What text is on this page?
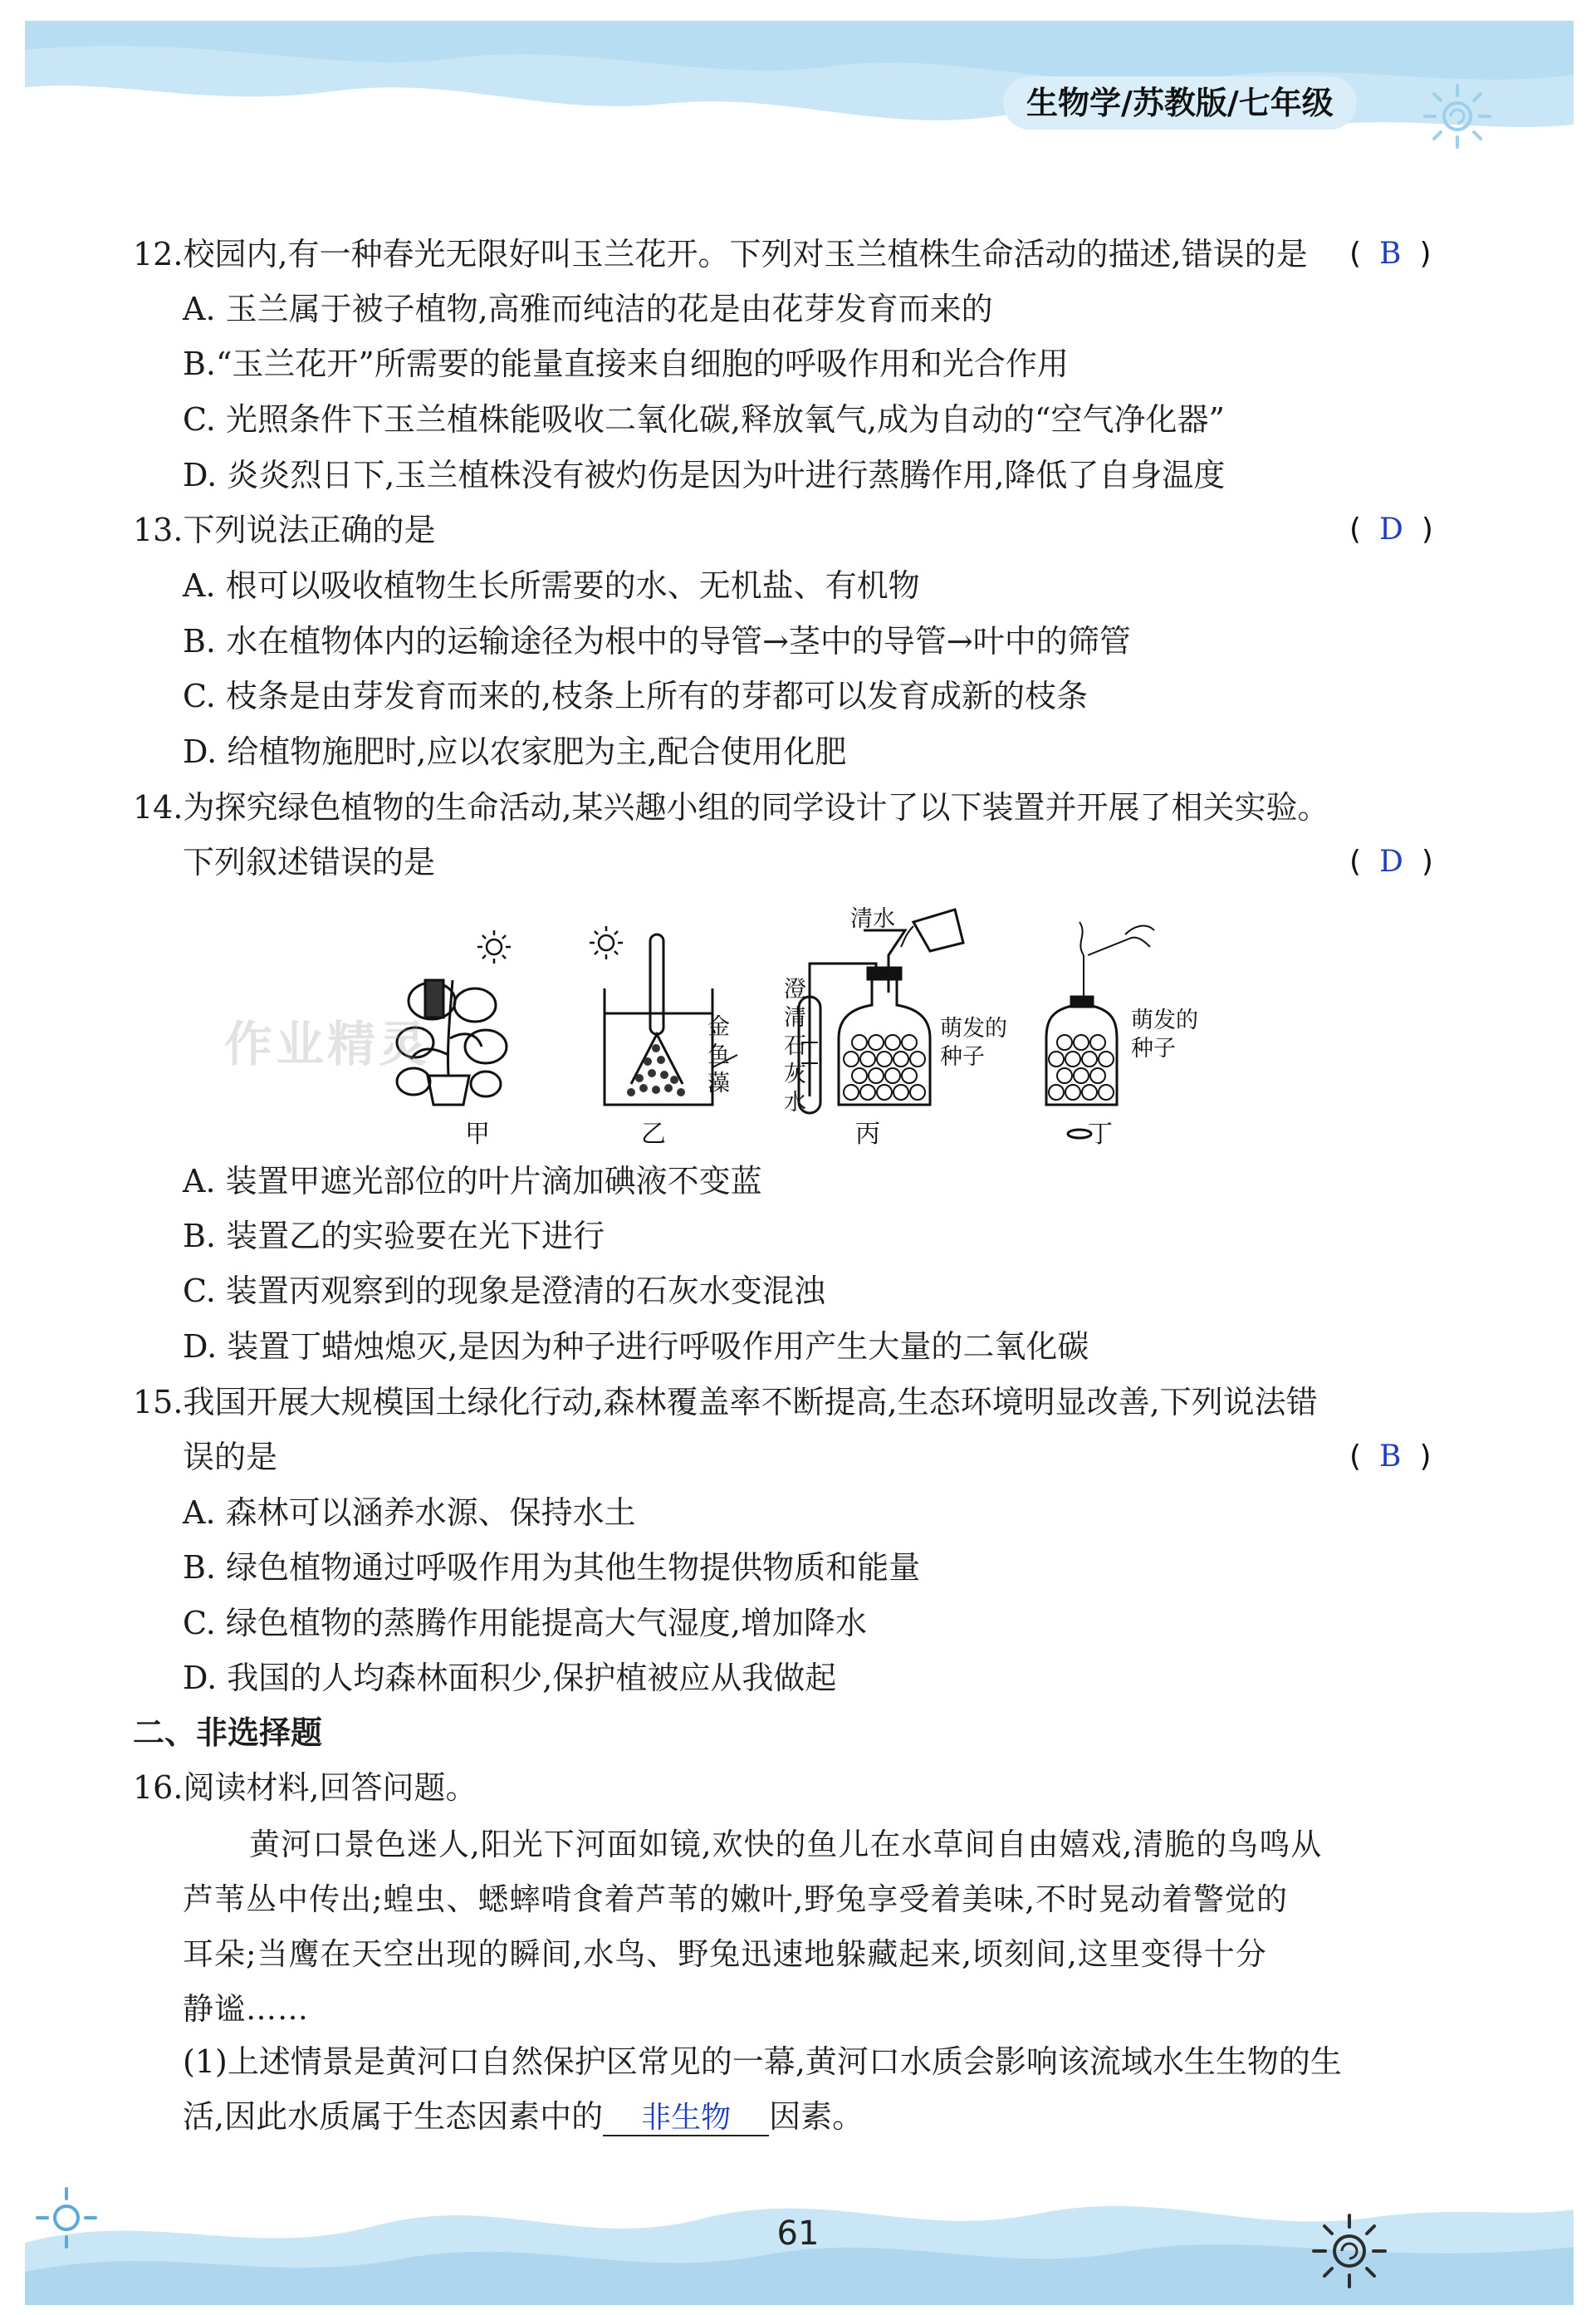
生物学/苏教版/七年级
12.校园内,有一种春光无限好叫玉兰花开。下列对玉兰植株生命活动的描述,错误的是 ( B )
A. 玉兰属于被子植物,高雅而纯洁的花是由花芽发育而来的
B.“玉兰花开”所需要的能量直接来自细胞的呼吸作用和光合作用
C. 光照条件下玉兰植株能吸收二氧化碳,释放氧气,成为自动的“空气净化器”
D. 炎炎烈日下,玉兰植株没有被灼伤是因为叶进行蒸腾作用,降低了自身温度
13.下列说法正确的是	( D )
A. 根可以吸收植物生长所需要的水、无机盐、有机物
B. 水在植物体内的运输途径为根中的导管→茎中的导管→叶中的筛管
C. 枝条是由芽发育而来的,枝条上所有的芽都可以发育成新的枝条
D. 给植物施肥时,应以农家肥为主,配合使用化肥
14.为探究绿色植物的生命活动,某兴趣小组的同学设计了以下装置并开展了相关实验。
下列叙述错误的是	( D )
作业精灵
甲	乙	丙	丁
清水
金鱼藻
澄清石灰水
萌发的种子
萌发的种子
A. 装置甲遮光部位的叶片滴加碘液不变蓝
B. 装置乙的实验要在光下进行
C. 装置丙观察到的现象是澄清的石灰水变混浊
D. 装置丁蜡烛熄灭,是因为种子进行呼吸作用产生大量的二氧化碳
15.我国开展大规模国土绿化行动,森林覆盖率不断提高,生态环境明显改善,下列说法错
误的是	( B )
A. 森林可以涵养水源、保持水土
B. 绿色植物通过呼吸作用为其他生物提供物质和能量
C. 绿色植物的蒸腾作用能提高大气湿度,增加降水
D. 我国的人均森林面积少,保护植被应从我做起
二、非选择题
16.阅读材料,回答问题。
黄河口景色迷人,阳光下河面如镜,欢快的鱼儿在水草间自由嬉戏,清脆的鸟鸣从
芦苇丛中传出;蝗虫、蟋蟀啃食着芦苇的嫩叶,野兔享受着美味,不时晃动着警觉的
耳朵;当鹰在天空出现的瞬间,水鸟、野兔迅速地躲藏起来,顷刻间,这里变得十分
静谧……
(1)上述情景是黄河口自然保护区常见的一幕,黄河口水质会影响该流域水生生物的生
活,因此水质属于生态因素中的 非生物 因素。
61
